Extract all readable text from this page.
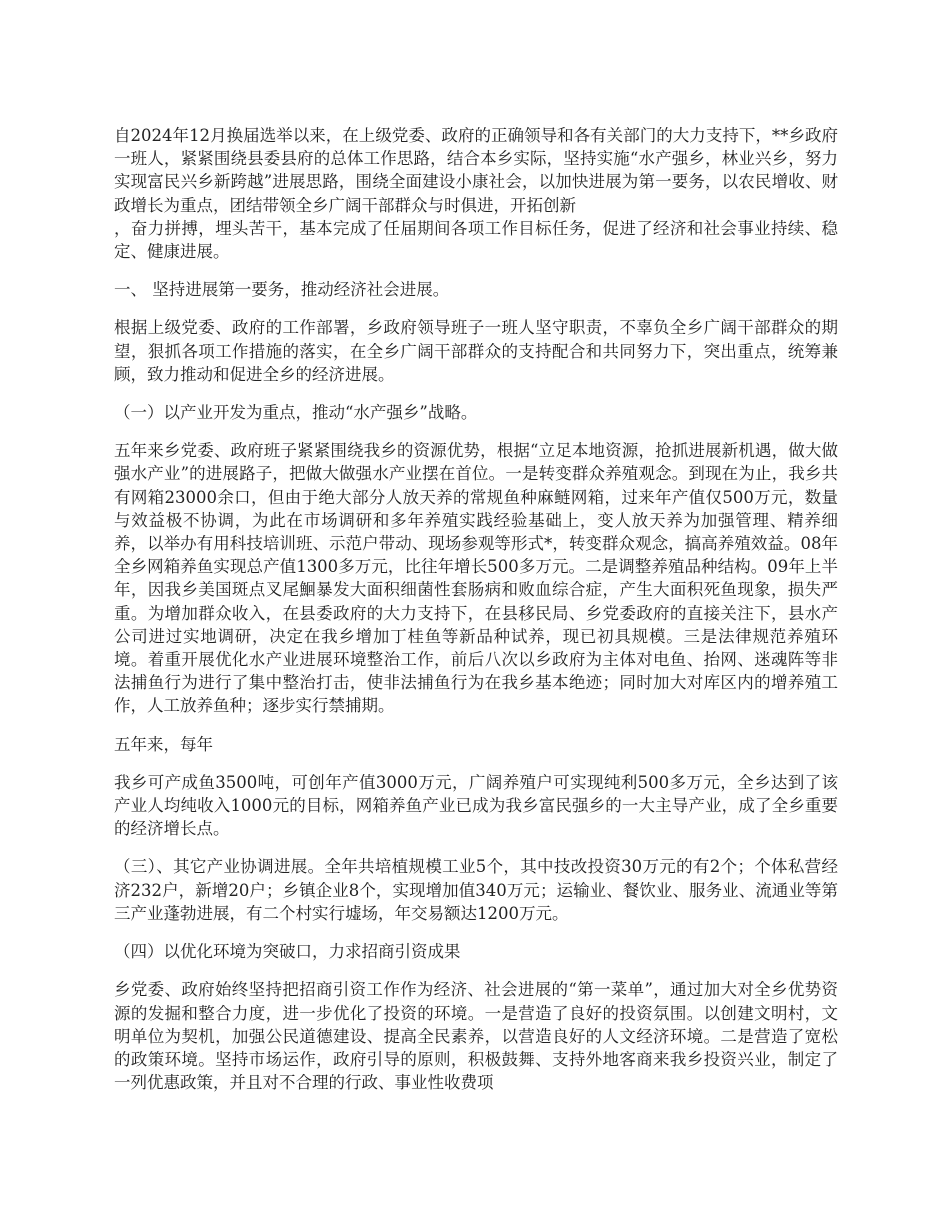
自2024年12月换届选举以来，在上级党委、政府的正确领导和各有关部门的大力支持下，**乡政府一班人，紧紧围绕县委县府的总体工作思路，结合本乡实际，坚持实施“水产强乡，林业兴乡，努力实现富民兴乡新跨越”进展思路，围绕全面建设小康社会，以加快进展为第一要务，以农民增收、财政增长为重点，团结带领全乡广阔干部群众与时俱进，开拓创新
，奋力拼搏，埋头苦干，基本完成了任届期间各项工作目标任务，促进了经济和社会事业持续、稳定、健康进展。

一、 坚持进展第一要务，推动经济社会进展。

根据上级党委、政府的工作部署，乡政府领导班子一班人坚守职责，不辜负全乡广阔干部群众的期望，狠抓各项工作措施的落实，在全乡广阔干部群众的支持配合和共同努力下，突出重点，统筹兼顾，致力推动和促进全乡的经济进展。

（一）以产业开发为重点，推动“水产强乡”战略。

五年来乡党委、政府班子紧紧围绕我乡的资源优势，根据“立足本地资源，抢抓进展新机遇，做大做强水产业”的进展路子，把做大做强水产业摆在首位。一是转变群众养殖观念。到现在为止，我乡共有网箱23000余口，但由于绝大部分人放天养的常规鱼种麻鲢网箱，过来年产值仅500万元，数量与效益极不协调，为此在市场调研和多年养殖实践经验基础上，变人放天养为加强管理、精养细养，以举办有用科技培训班、示范户带动、现场参观等形式*，转变群众观念，搞高养殖效益。08年全乡网箱养鱼实现总产值1300多万元，比往年增长500多万元。二是调整养殖品种结构。09年上半年，因我乡美国斑点叉尾鮰暴发大面积细菌性套肠病和败血综合症，产生大面积死鱼现象，损失严重。为增加群众收入，在县委政府的大力支持下，在县移民局、乡党委政府的直接关注下，县水产公司进过实地调研，决定在我乡增加丁桂鱼等新品种试养，现已初具规模。三是法律规范养殖环境。着重开展优化水产业进展环境整治工作，前后八次以乡政府为主体对电鱼、抬网、迷魂阵等非法捕鱼行为进行了集中整治打击，使非法捕鱼行为在我乡基本绝迹；同时加大对库区内的增养殖工作，人工放养鱼种；逐步实行禁捕期。

五年来，每年

我乡可产成鱼3500吨，可创年产值3000万元，广阔养殖户可实现纯利500多万元，全乡达到了该产业人均纯收入1000元的目标，网箱养鱼产业已成为我乡富民强乡的一大主导产业，成了全乡重要的经济增长点。

（三）、其它产业协调进展。全年共培植规模工业5个，其中技改投资30万元的有2个；个体私营经济232户，新增20户；乡镇企业8个，实现增加值340万元；运输业、餐饮业、服务业、流通业等第三产业蓬勃进展，有二个村实行墟场，年交易额达1200万元。

（四）以优化环境为突破口，力求招商引资成果

乡党委、政府始终坚持把招商引资工作作为经济、社会进展的“第一菜单”，通过加大对全乡优势资源的发掘和整合力度，进一步优化了投资的环境。一是营造了良好的投资氛围。以创建文明村，文明单位为契机，加强公民道德建设、提高全民素养，以营造良好的人文经济环境。二是营造了宽松的政策环境。坚持市场运作，政府引导的原则，积极鼓舞、支持外地客商来我乡投资兴业，制定了一列优惠政策，并且对不合理的行政、事业性收费项
